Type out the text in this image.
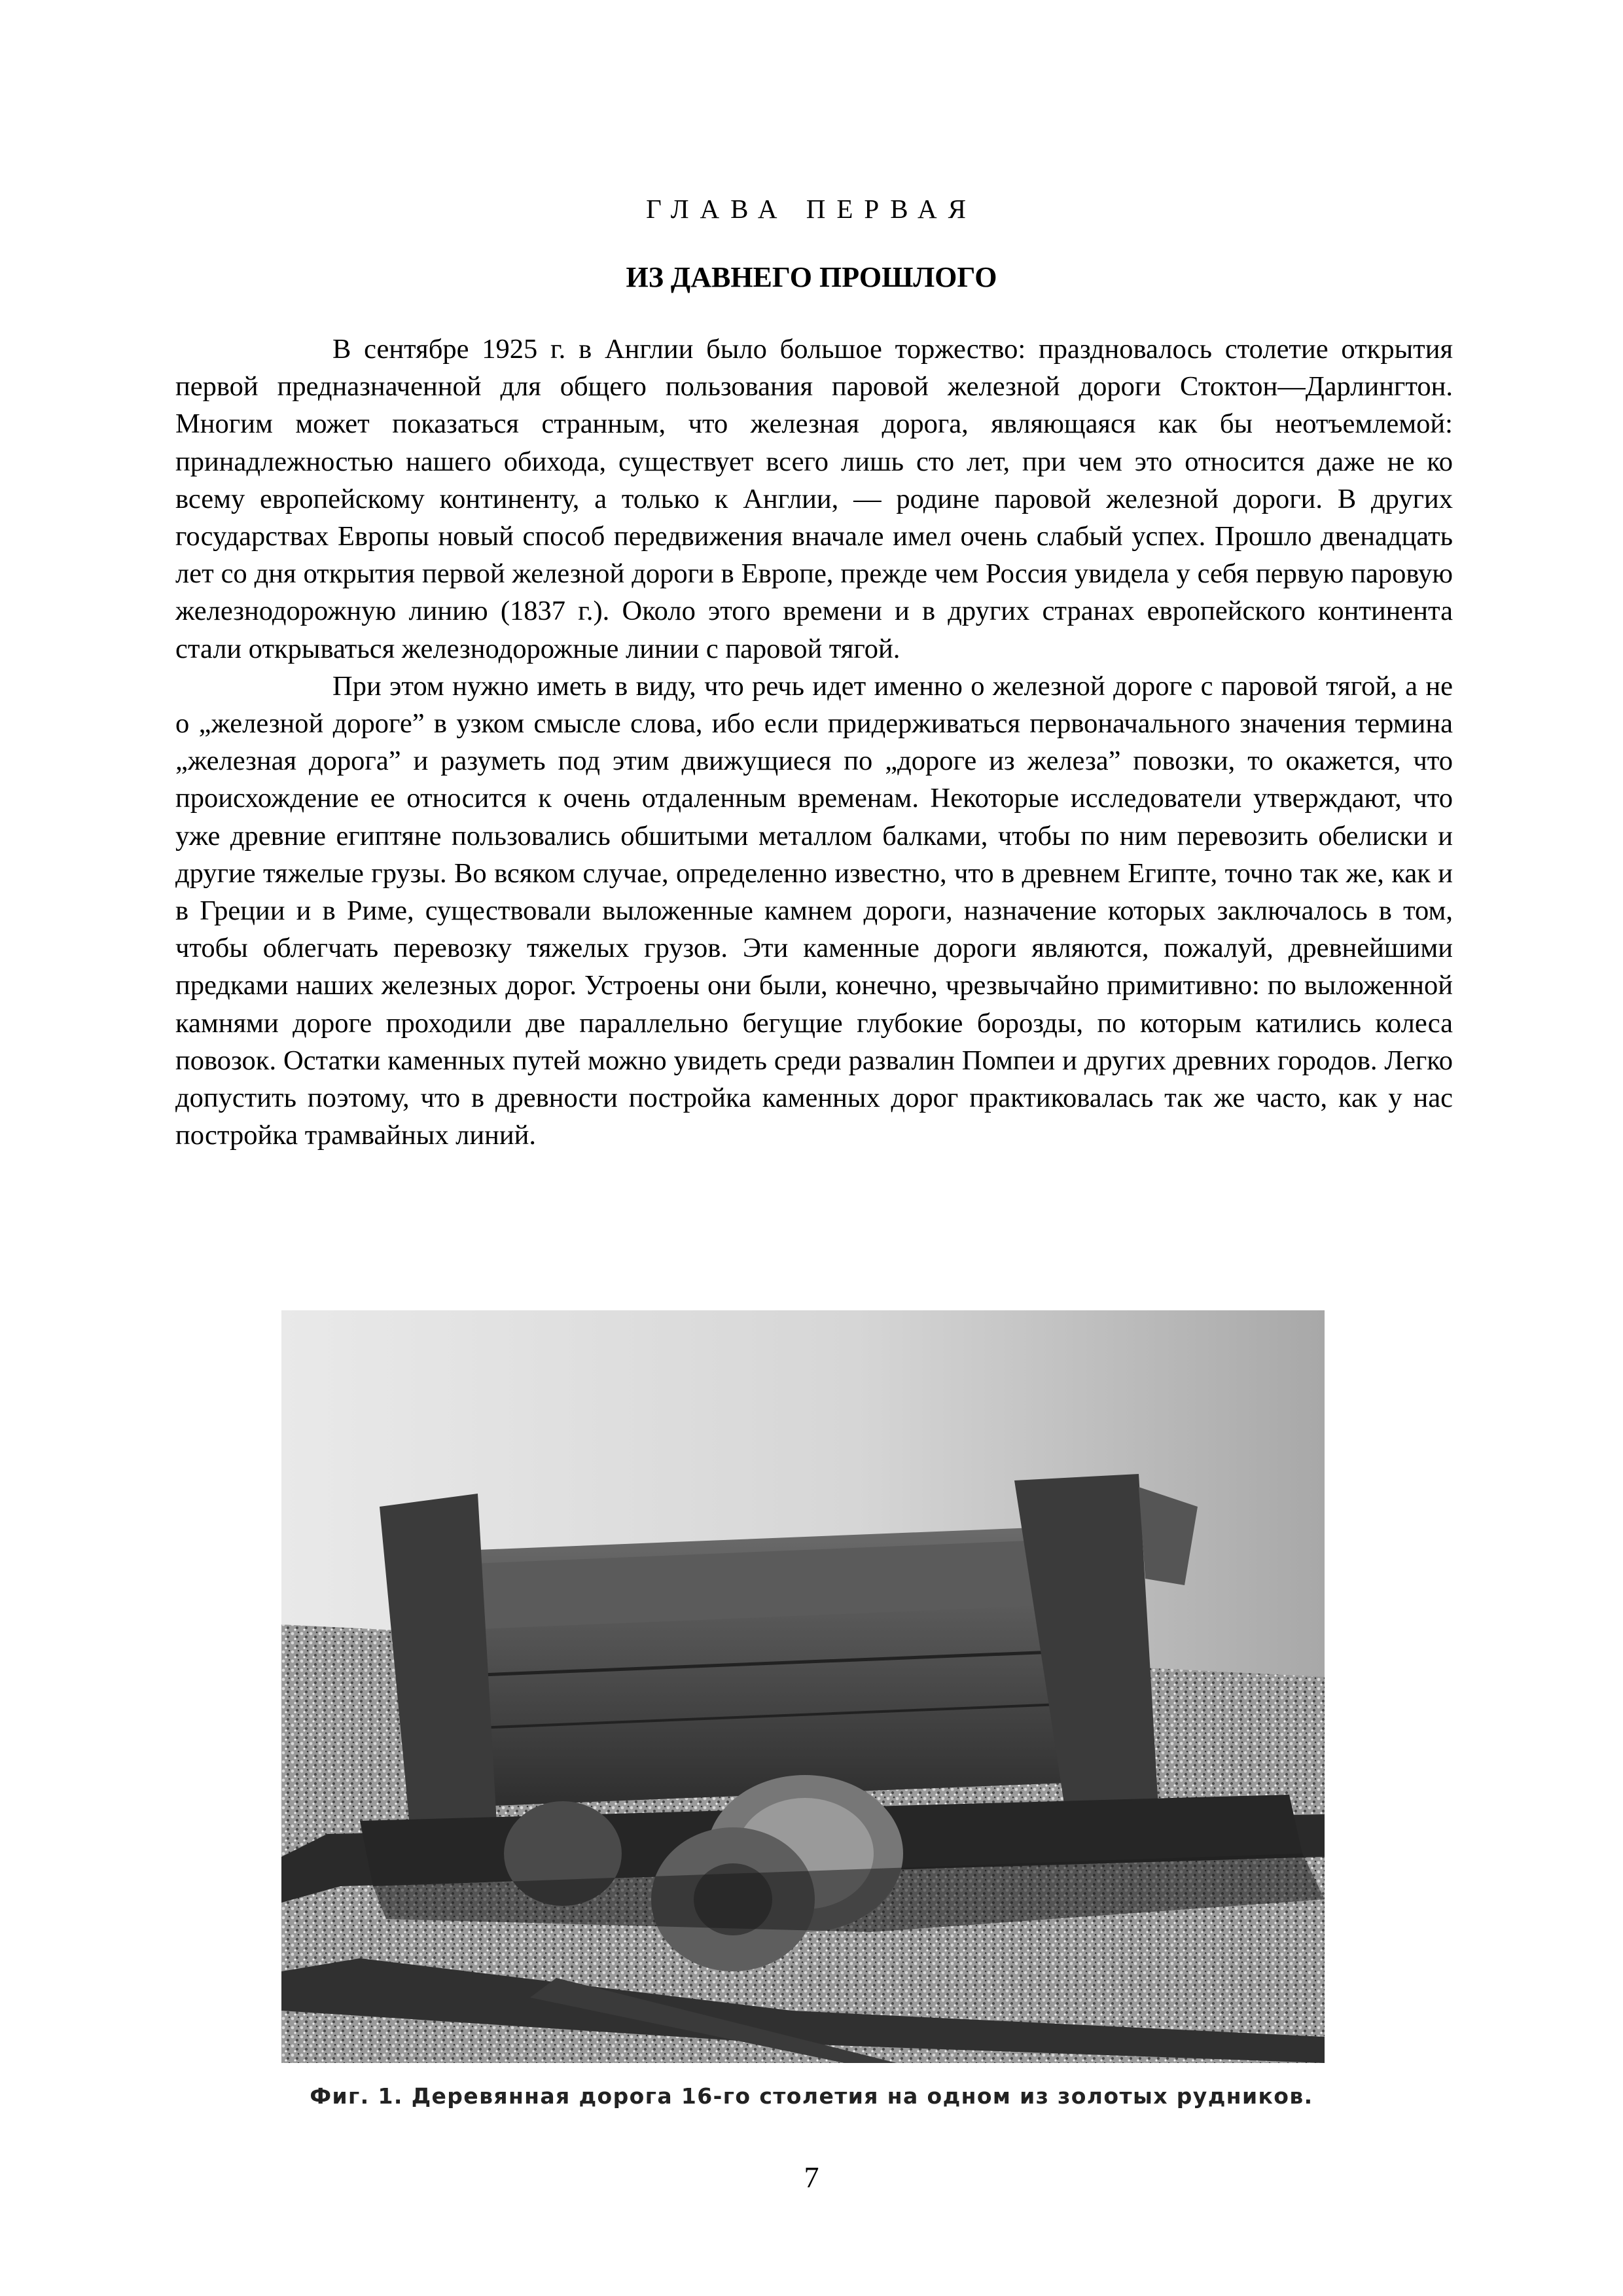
ГЛАВА ПЕРВАЯ
ИЗ ДАВНЕГО ПРОШЛОГО

В сентябре 1925 г. в Англии было большое торжество: праздновалось столетие открытия первой предназначенной для общего пользования паровой железной дороги Стоктон—Дарлингтон. Многим может показаться странным, что железная дорога, являющаяся как бы неотъемлемой: принадлежностью нашего обихода, существует всего лишь сто лет, при чем это относится даже не ко всему европейскому континенту, а только к Англии, — родине паровой железной дороги. В других государствах Европы новый способ передвижения вначале имел очень слабый успех. Прошло двенадцать лет со дня открытия первой железной дороги в Европе, прежде чем Россия увидела у себя первую паровую железнодорожную линию (1837 г.). Около этого времени и в других странах европейского континента стали открываться железнодорожные линии с паровой тягой.

При этом нужно иметь в виду, что речь идет именно о железной дороге с паровой тягой, а не о „железной дороге” в узком смысле слова, ибо если придерживаться первоначального значения термина „железная дорога” и разуметь под этим движущиеся по „дороге из железа” повозки, то окажется, что происхождение ее относится к очень отдаленным временам. Некоторые исследователи утверждают, что уже древние египтяне пользовались обшитыми металлом балками, чтобы по ним перевозить обелиски и другие тяжелые грузы. Во всяком случае, определенно известно, что в древнем Египте, точно так же, как и в Греции и в Риме, существовали выложенные камнем дороги, назначение которых заключалось в том, чтобы облегчать перевозку тяжелых грузов. Эти каменные дороги являются, пожалуй, древнейшими предками наших железных дорог. Устроены они были, конечно, чрезвычайно примитивно: по выложенной камнями дороге проходили две параллельно бегущие глубокие борозды, по которым катились колеса повозок. Остатки каменных путей можно увидеть среди развалин Помпеи и других древних городов. Легко допустить поэтому, что в древности постройка каменных дорог практиковалась так же часто, как у нас постройка трамвайных линий.

Фиг. 1. Деревянная дорога 16-го столетия на одном из золотых рудников.
7
